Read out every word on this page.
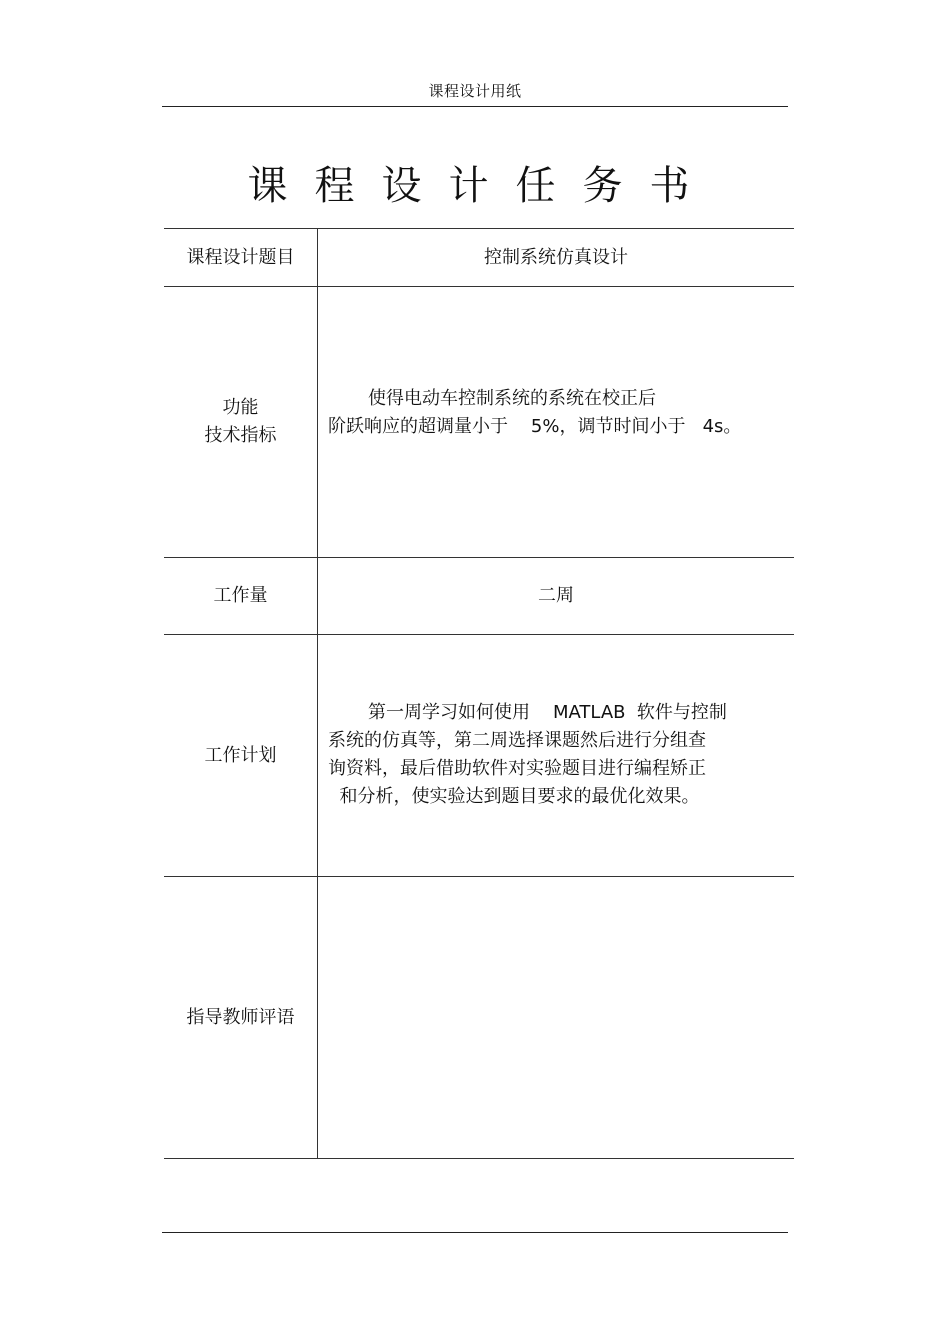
课程设计用纸
课程设计任务书
课程设计题目	控制系统仿真设计

功能
技术指标	使得电动车控制系统的系统在校正后
阶跃响应的超调量小于    5%，调节时间小于   4s。

工作量	二周
工作计划	第一周学习如何使用    MATLAB  软件与控制
系统的仿真等，第二周选择课题然后进行分组查
询资料，最后借助软件对实验题目进行编程矫正
和分析，使实验达到题目要求的最优化效果。

指导教师评语	
